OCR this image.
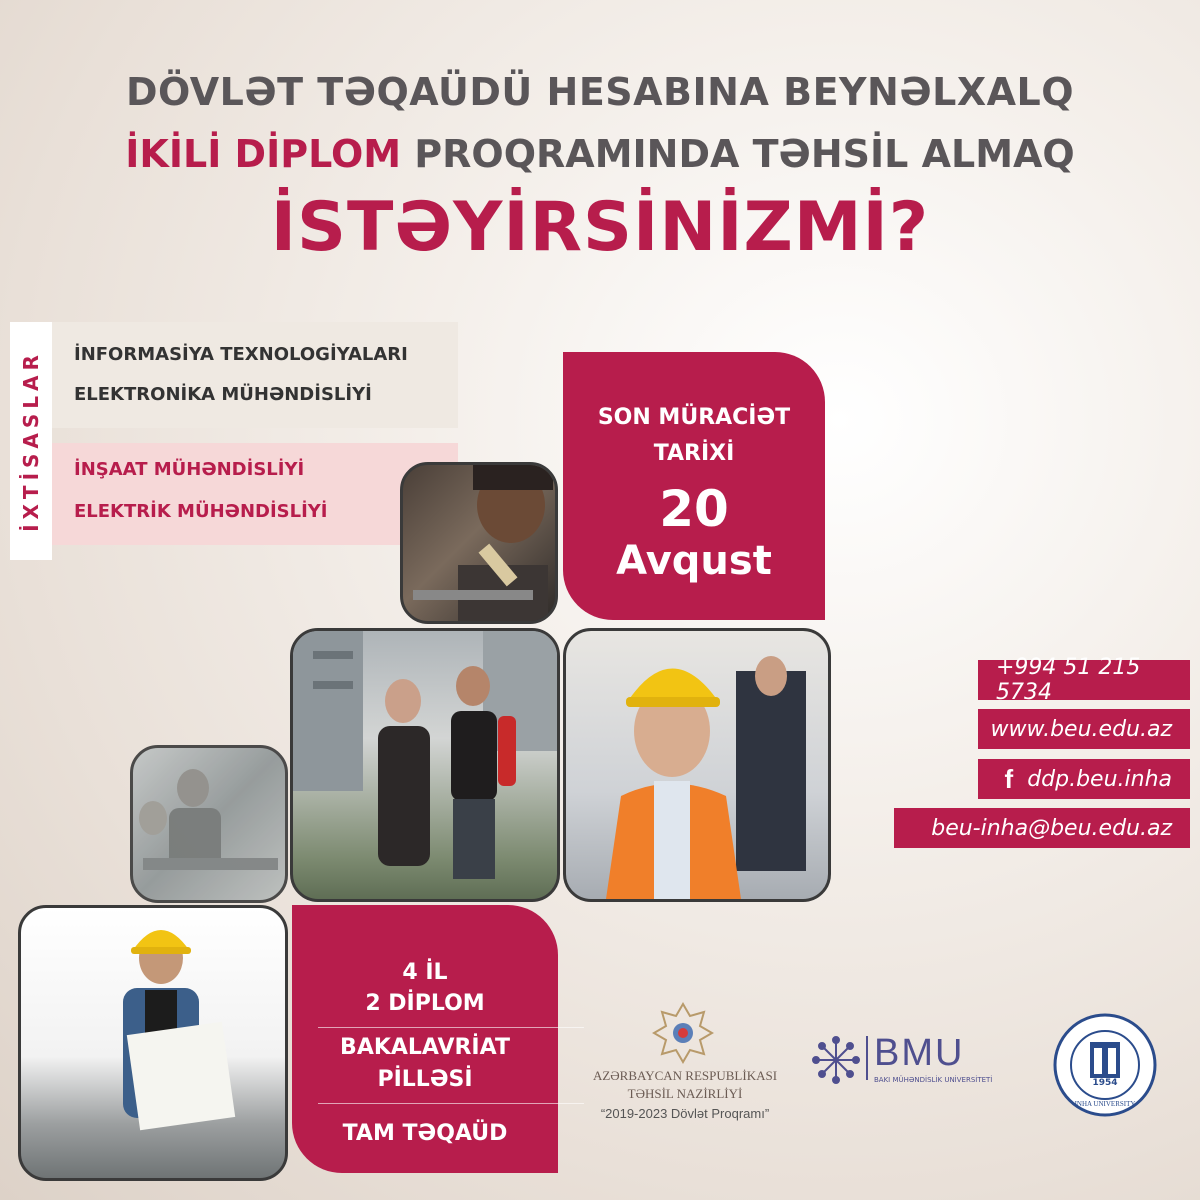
DÖVLƏT TƏQAÜDÜ HESABINA BEYNƏLXALQ
İKİLİ DİPLOM PROQRAMINDA TƏHSİL ALMAQ
İSTƏYİRSİNİZMİ?
İXTİSASLAR İNFORMASİYA TEXNOLOGİYALARI
ELEKTRONİKA MÜHƏNDİSLİYİ
İNŞAAT MÜHƏNDİSLİYİ
ELEKTRİK MÜHƏNDİSLİYİ
SON MÜRACİƏT
TARİXİ
20
Avqust
4 İL
2 DİPLOM
BAKALAVRİAT
PİLLƏSİ
TAM TƏQAÜD
+994 51 215 5734
www.beu.edu.az
f ddp.beu.inha
beu-inha@beu.edu.az
AZƏRBAYCAN RESPUBLİKASI
TƏHSİL NAZİRLİYİ
“2019-2023 Dövlət Proqramı”
BMU
BAKI MÜHƏNDİSLİK UNİVERSİTETİ	1954
INHA UNIVERSITY
